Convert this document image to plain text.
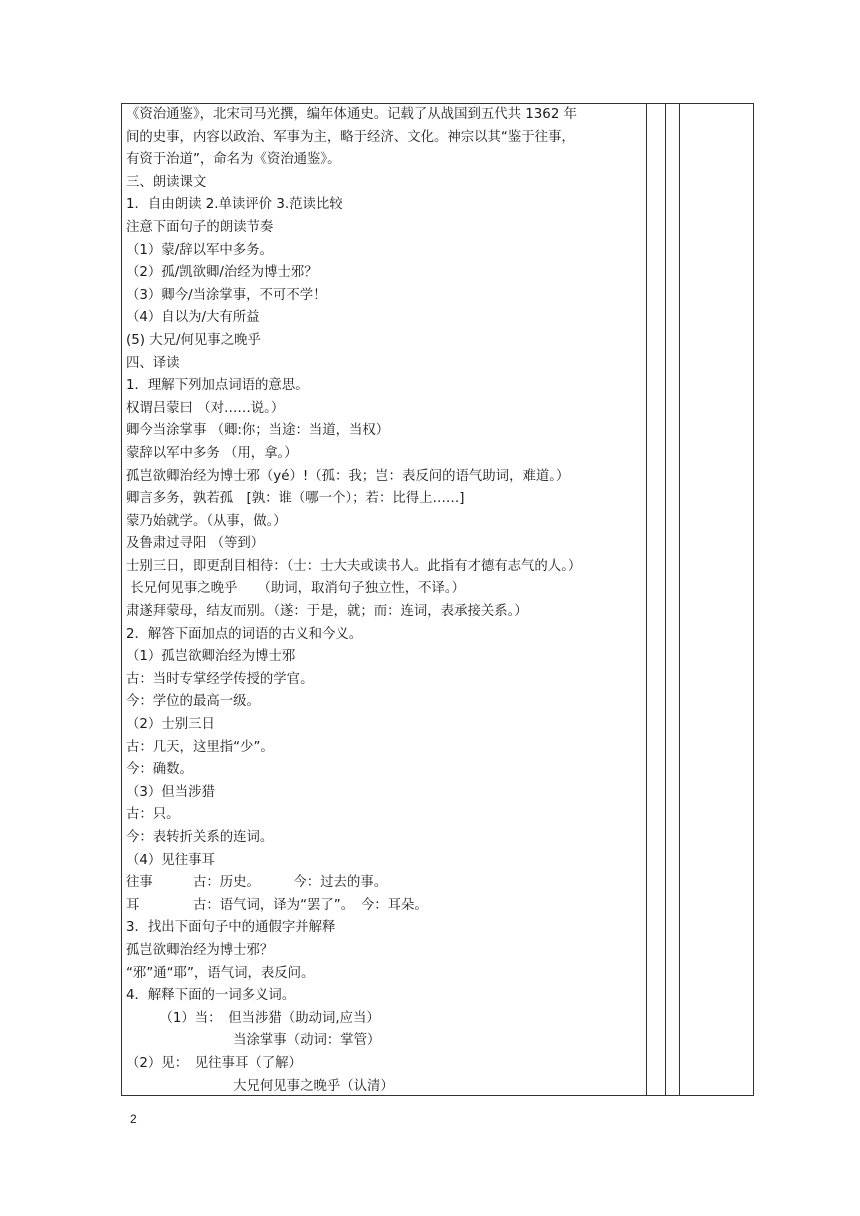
《资治通鉴》，北宋司马光撰，编年体通史。记载了从战国到五代共 1362 年
间的史事，内容以政治、军事为主，略于经济、文化。神宗以其“鉴于往事，
有资于治道”，命名为《资治通鉴》。
三、朗读课文
1．自由朗读 2.单读评价 3.范读比较
注意下面句子的朗读节奏
（1）蒙/辞以军中多务。
（2）孤/凯欲卿/治经为博士邪？
（3）卿今/当涂掌事，不可不学！
（4）自以为/大有所益
(5) 大兄/何见事之晚乎
四、译读
1．理解下列加点词语的意思。
权谓吕蒙曰 （对……说。）
卿今当涂掌事 （卿:你；当途：当道，当权）
蒙辞以军中多务 （用，拿。）
孤岂欲卿治经为博士邪（yé）!（孤：我；岂：表反问的语气助词，难道。）
卿言多务，孰若孤　[孰：谁（哪一个）；若：比得上……]
蒙乃始就学。（从事，做。）
及鲁肃过寻阳 （等到）
士别三日，即更刮目相待：（士：士大夫或读书人。此指有才德有志气的人。）
长兄何见事之晚乎　　（助词，取消句子独立性，不译。）
肃遂拜蒙母，结友而别。（遂：于是，就；而：连词，表承接关系。）
2．解答下面加点的词语的古义和今义。
（1）孤岂欲卿治经为博士邪
古：当时专掌经学传授的学官。
今：学位的最高一级。
（2）士别三日
古：几天，这里指“少”。
今：确数。
（3）但当涉猎
古：只。
今：表转折关系的连词。
（4）见往事耳
往事　　　古：历史。　　　今：过去的事。
耳　　　　古：语气词，译为“罢了”。　今：耳朵。
3．找出下面句子中的通假字并解释
孤岂欲卿治经为博士邪？
“邪”通“耶”，语气词，表反问。
4．解释下面的一词多义词。
　　　（1）当：　但当涉猎（助动词,应当）
　　　　　　　　当涂掌事（动词：掌管）
（2）见：　见往事耳（了解）
　　　　　　　　大兄何见事之晚乎（认清）
2
